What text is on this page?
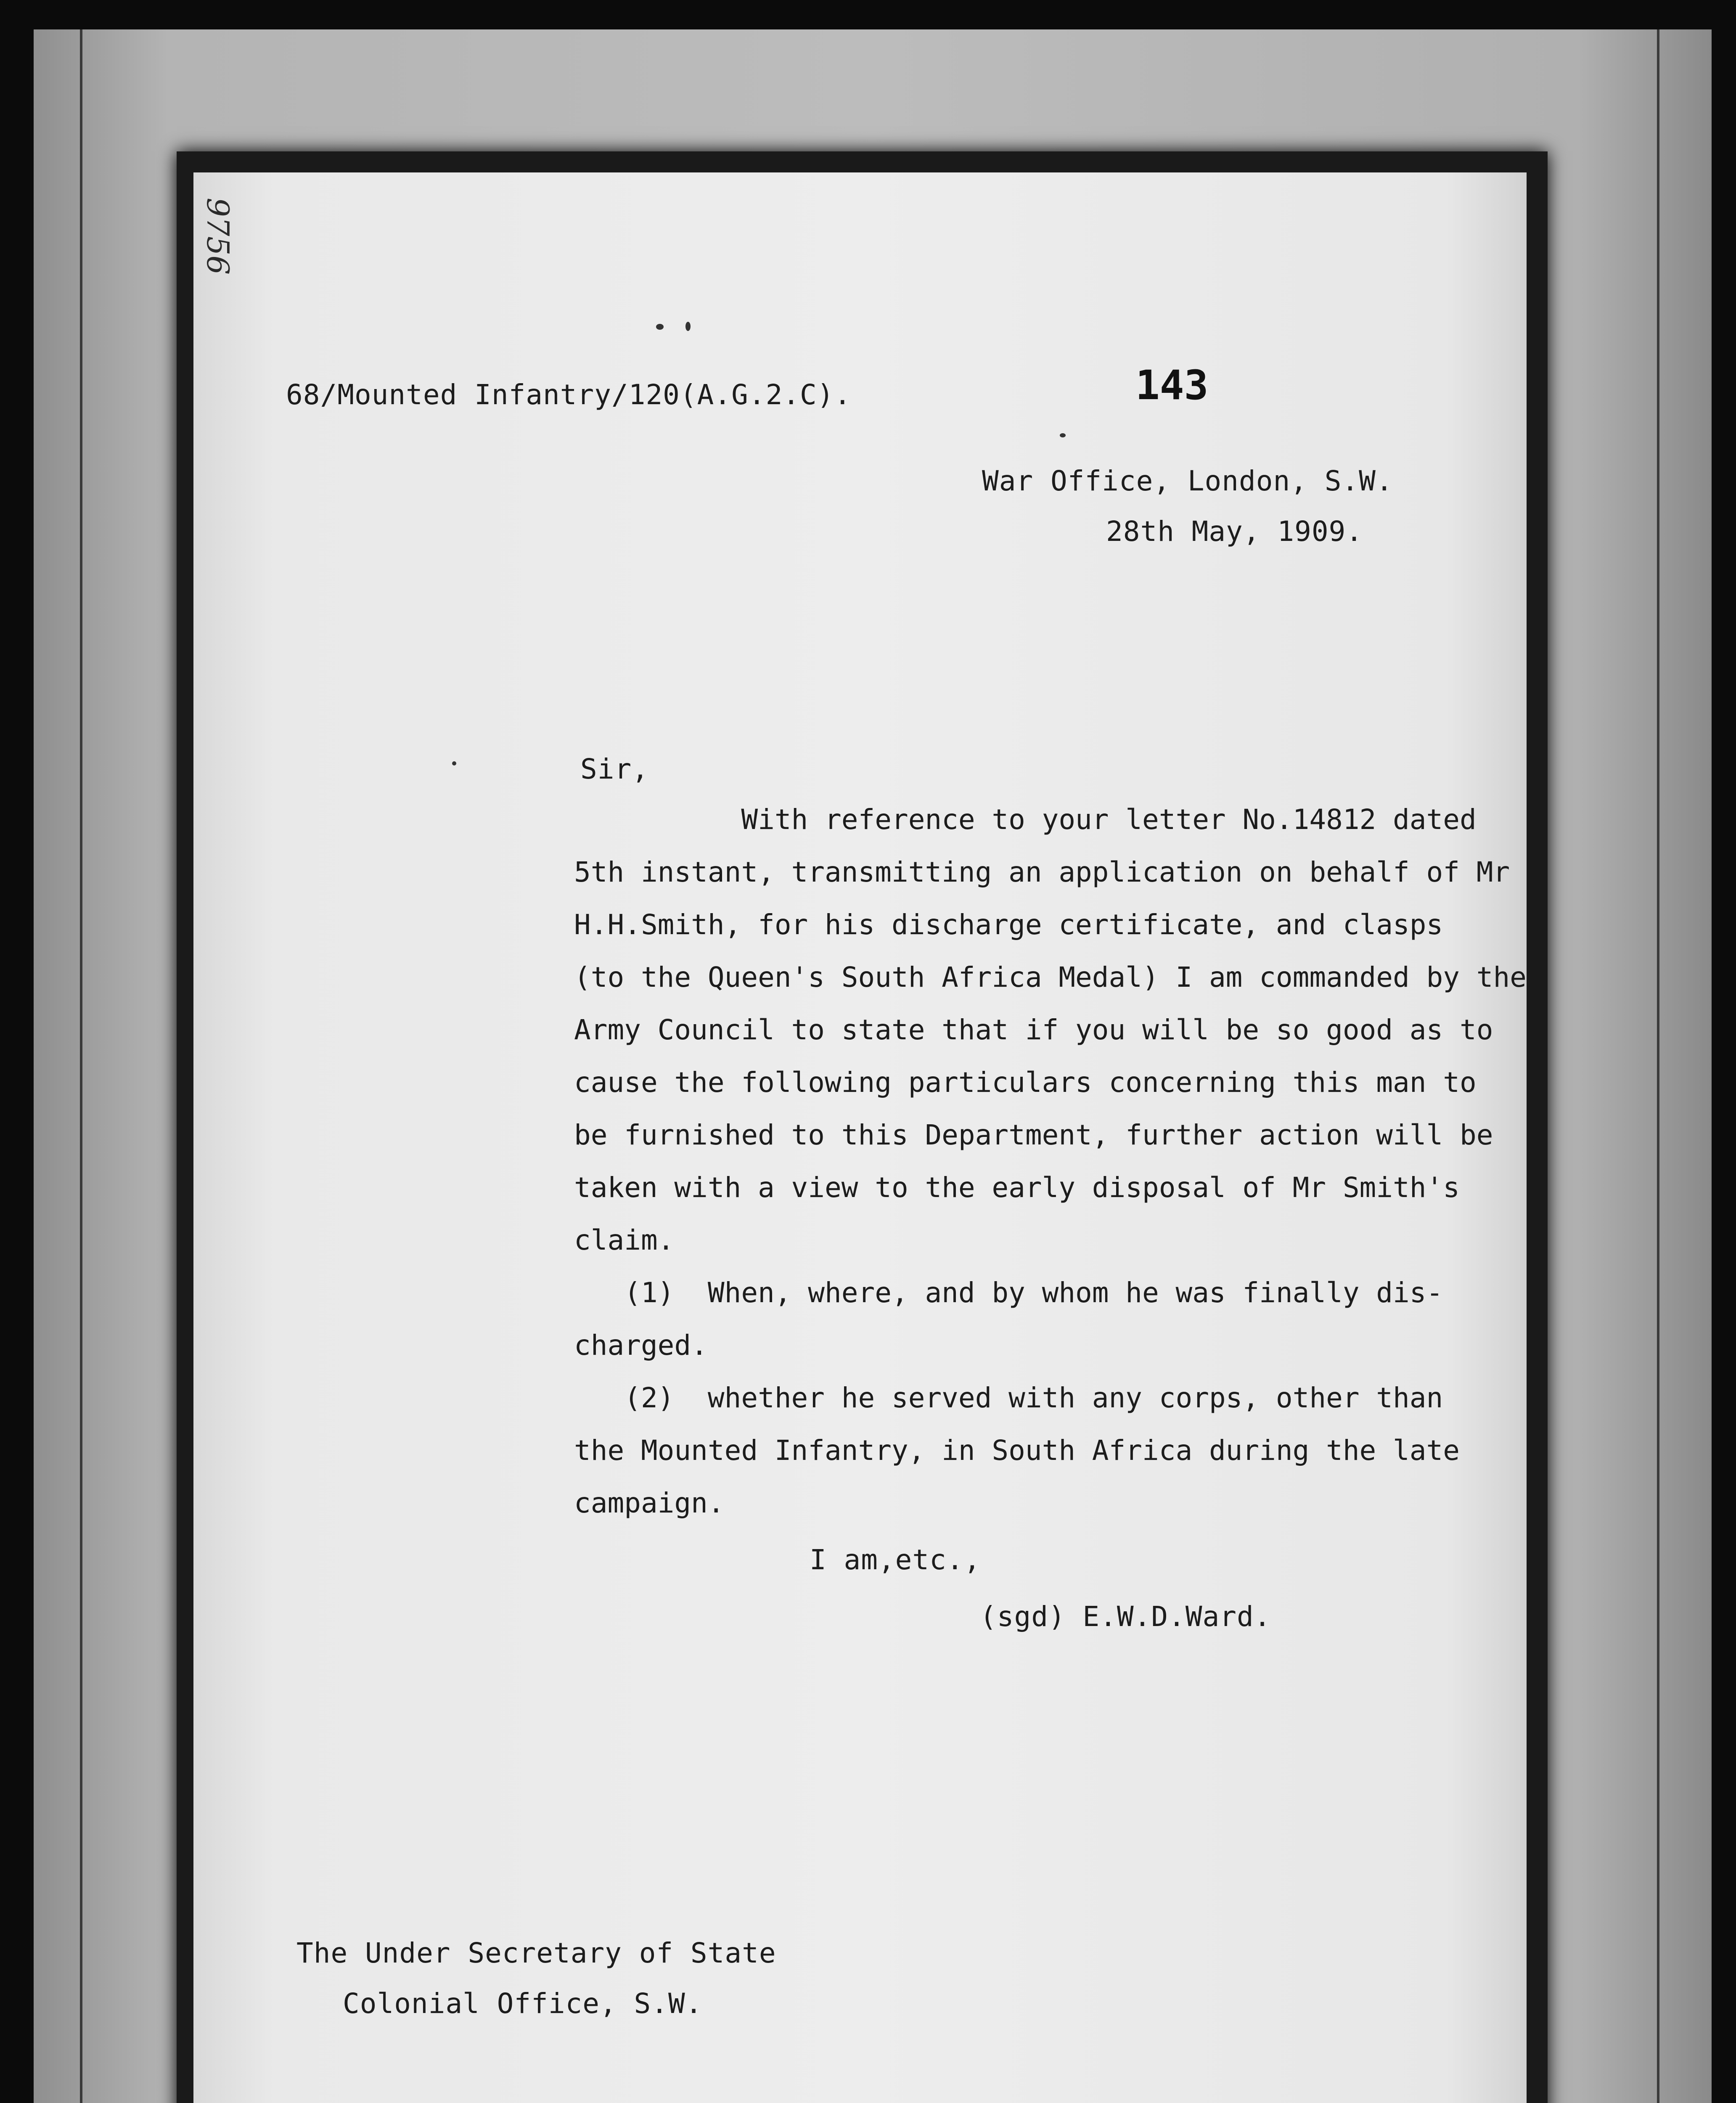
9756
68/Mounted Infantry/120(A.G.2.C).	143
War Office, London, S.W.
28th May, 1909.
Sir,
With reference to your letter No.14812 dated
5th instant, transmitting an application on behalf of Mr
H.H.Smith, for his discharge certificate, and clasps
(to the Queen's South Africa Medal) I am commanded by the
Army Council to state that if you will be so good as to
cause the following particulars concerning this man to
be furnished to this Department, further action will be
taken with a view to the early disposal of Mr Smith's
claim.
(1)  When, where, and by whom he was finally dis-
charged.
(2)  whether he served with any corps, other than
the Mounted Infantry, in South Africa during the late
campaign.
I am,etc.,
(sgd) E.W.D.Ward.
The Under Secretary of State
Colonial Office, S.W.
